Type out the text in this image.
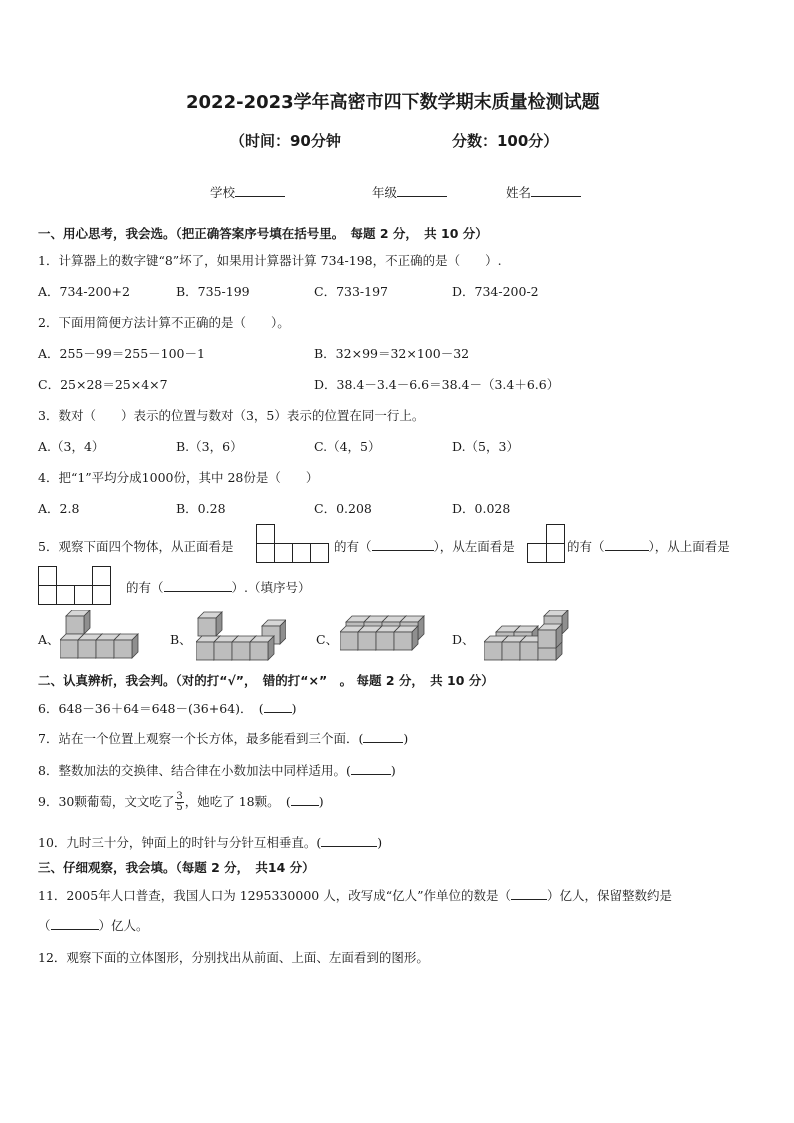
2022-2023学年高密市四下数学期末质量检测试题
（时间：90分钟	分数：100分）
学校	年级	姓名
一、用心思考，我会选。（把正确答案序号填在括号里。　每题 2 分，　共 10 分）
1．计算器上的数字键“8”坏了，如果用计算器计算 734-198，不正确的是（　　）.
A．734-200+2	B．735-199	C．733-197	D．734-200-2
2．下面用简便方法计算不正确的是（　　）。
A．255－99＝255－100－1	B．32×99＝32×100－32
C．25×28＝25×4×7	D．38.4－3.4－6.6＝38.4－（3.4＋6.6）
3．数对（　　）表示的位置与数对（3，5）表示的位置在同一行上。
A.（3，4）	B.（3，6）	C.（4，5）	D.（5，3）
4．把“1”平均分成1000份，其中 28份是（　　）
A．2.8	B．0.28	C．0.208	D．0.028
5．观察下面四个物体，从正面看是	的有（	），从左面看是	的有（	），从上面看是
的有（	）.（填序号）
A、	B、	C、	D、
二、认真辨析，我会判。（对的打“√”，　错的打“×”　。 每题 2 分，　共 10 分）
6．648－36＋64＝648－(36+64)．　( )
7．站在一个位置上观察一个长方体，最多能看到三个面．(	)
8．整数加法的交换律、结合律在小数加法中同样适用。(	)
9．30颗葡萄，文文吃了 $\frac{3}{5}$ ，她吃了 18颗。　( )
10．九时三十分，钟面上的时针与分针互相垂直。(	)
三、仔细观察，我会填。（每题 2 分，　共14 分）
11．2005年人口普查，我国人口为 1295330000 人，改写成“亿人”作单位的数是（	）亿人，保留整数约是
（	）亿人。
12．观察下面的立体图形，分别找出从前面、上面、左面看到的图形。
